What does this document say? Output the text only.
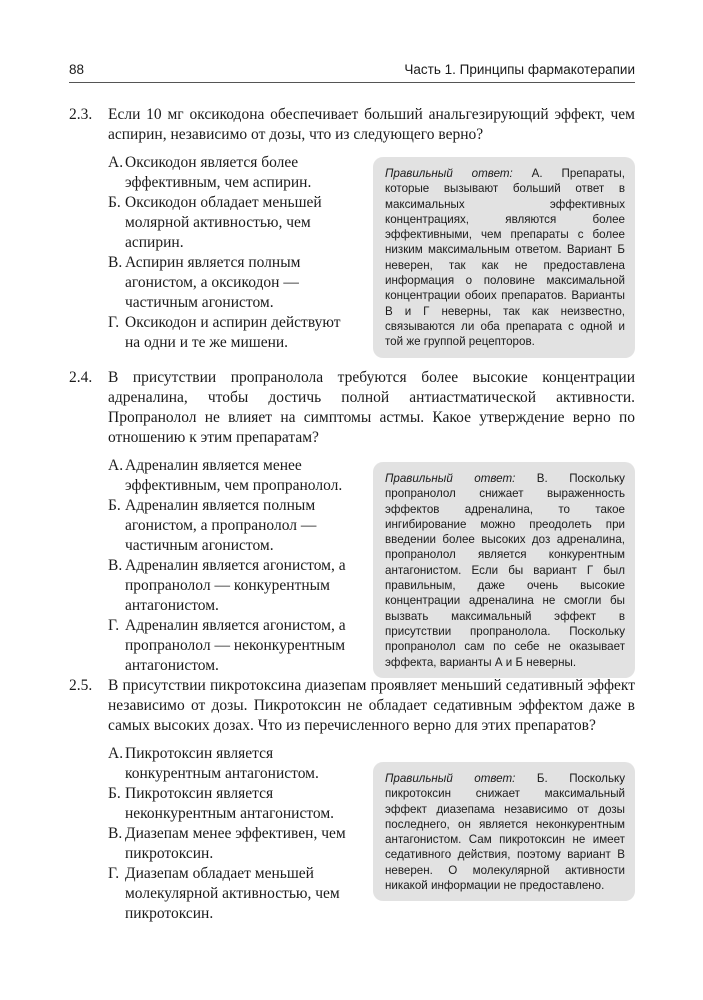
88	Часть 1. Принципы фармакотерапии
2.3. Если 10 мг оксикодона обеспечивает больший анальгезирующий эффект, чем аспирин, независимо от дозы, что из следующего верно?
А. Оксикодон является более эффективным, чем аспирин.
Б. Оксикодон обладает меньшей молярной активностью, чем аспирин.
В. Аспирин является полным агонистом, а оксикодон — частичным агонистом.
Г. Оксикодон и аспирин действуют на одни и те же мишени.
Правильный ответ: А. Препараты, которые вызывают больший ответ в максимальных эффективных концентрациях, являются более эффективными, чем препараты с более низким максимальным ответом. Вариант Б неверен, так как не предоставлена информация о половине максимальной концентрации обоих препаратов. Варианты В и Г неверны, так как неизвестно, связываются ли оба препарата с одной и той же группой рецепторов.
2.4. В присутствии пропранолола требуются более высокие концентрации адреналина, чтобы достичь полной антиастматической активности. Пропранолол не влияет на симптомы астмы. Какое утверждение верно по отношению к этим препаратам?
А. Адреналин является менее эффективным, чем пропранолол.
Б. Адреналин является полным агонистом, а пропранолол — частичным агонистом.
В. Адреналин является агонистом, а пропранолол — конкурентным антагонистом.
Г. Адреналин является агонистом, а пропранолол — неконкурентным антагонистом.
Правильный ответ: В. Поскольку пропранолол снижает выраженность эффектов адреналина, то такое ингибирование можно преодолеть при введении более высоких доз адреналина, пропранолол является конкурентным антагонистом. Если бы вариант Г был правильным, даже очень высокие концентрации адреналина не смогли бы вызвать максимальный эффект в присутствии пропранолола. Поскольку пропранолол сам по себе не оказывает эффекта, варианты А и Б неверны.
2.5. В присутствии пикротоксина диазепам проявляет меньший седативный эффект независимо от дозы. Пикротоксин не обладает седативным эффектом даже в самых высоких дозах. Что из перечисленного верно для этих препаратов?
А. Пикротоксин является конкурентным антагонистом.
Б. Пикротоксин является неконкурентным антагонистом.
В. Диазепам менее эффективен, чем пикротоксин.
Г. Диазепам обладает меньшей молекулярной активностью, чем пикротоксин.
Правильный ответ: Б. Поскольку пикротоксин снижает максимальный эффект диазепама независимо от дозы последнего, он является неконкурентным антагонистом. Сам пикротоксин не имеет седативного действия, поэтому вариант В неверен. О молекулярной активности никакой информации не предоставлено.
